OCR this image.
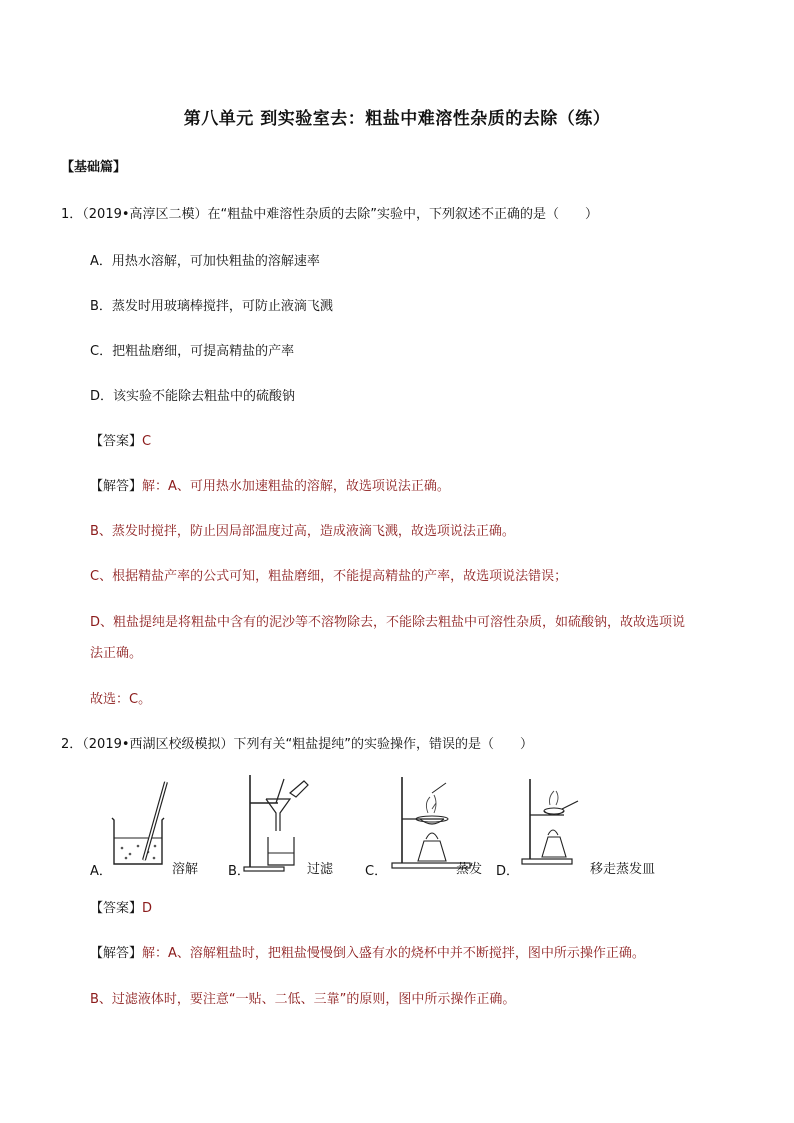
第八单元 到实验室去：粗盐中难溶性杂质的去除（练）
【基础篇】
1．（2019•高淳区二模）在“粗盐中难溶性杂质的去除”实验中，下列叙述不正确的是（　　）
A．用热水溶解，可加快粗盐的溶解速率
B．蒸发时用玻璃棒搅拌，可防止液滴飞溅
C．把粗盐磨细，可提高精盐的产率
D．该实验不能除去粗盐中的硫酸钠
【答案】C
【解答】解：A、可用热水加速粗盐的溶解，故选项说法正确。
B、蒸发时搅拌，防止因局部温度过高，造成液滴飞溅，故选项说法正确。
C、根据精盐产率的公式可知，粗盐磨细，不能提高精盐的产率，故选项说法错误；
D、粗盐提纯是将粗盐中含有的泥沙等不溶物除去，不能除去粗盐中可溶性杂质，如硫酸钠，故故选项说
法正确。
故选：C。
2．（2019•西湖区校级模拟）下列有关“粗盐提纯”的实验操作，错误的是（　　）
A．	溶解 B．	过滤 C．	蒸发 D．	移走蒸发皿
【答案】D
【解答】解：A、溶解粗盐时，把粗盐慢慢倒入盛有水的烧杯中并不断搅拌，图中所示操作正确。
B、过滤液体时，要注意“一贴、二低、三靠”的原则，图中所示操作正确。
